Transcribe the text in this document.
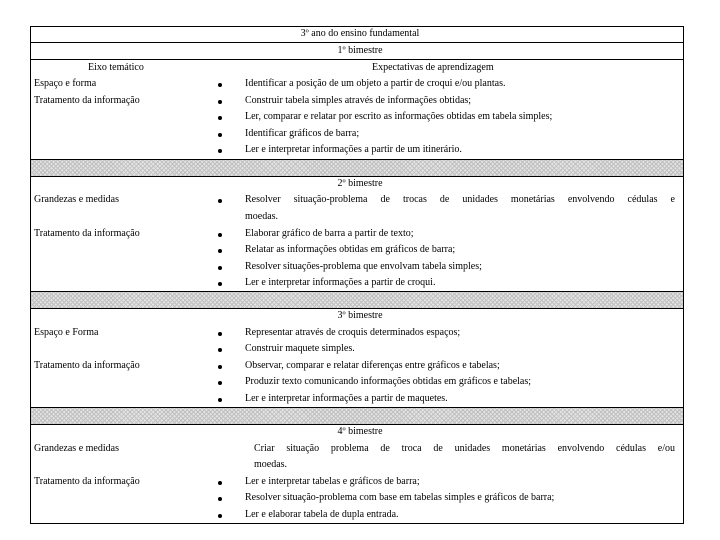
3º ano do ensino fundamental
1º bimestre
Eixo temático	Expectativas de aprendizagem
Espaço e forma
Tratamento da informação
Identificar a posição de um objeto a partir de croqui e/ou plantas.
Construir tabela simples através de informações obtidas;
Ler, comparar e relatar por escrito as informações obtidas em tabela simples;
Identificar gráficos de barra;
Ler e interpretar informações a partir de um itinerário.
2º bimestre
Grandezas e medidas
Tratamento da informação
Resolver situação-problema de trocas de unidades monetárias envolvendo cédulas e
moedas.
Elaborar gráfico de barra a partir de texto;
Relatar as informações obtidas em gráficos de barra;
Resolver situações-problema que envolvam tabela simples;
Ler e interpretar informações a partir de croqui.
3º bimestre
Espaço e Forma
Tratamento da informação
Representar através de croquis determinados espaços;
Construir maquete simples.
Observar, comparar e relatar diferenças entre gráficos e tabelas;
Produzir texto comunicando informações obtidas em gráficos e tabelas;
Ler e interpretar informações a partir de maquetes.
4º bimestre
Grandezas e medidas
Tratamento da informação
Criar situação problema de troca de unidades monetárias envolvendo cédulas e/ou
moedas.
Ler e interpretar tabelas e gráficos de barra;
Resolver situação-problema com base em tabelas simples e gráficos de barra;
Ler e elaborar tabela de dupla entrada.
